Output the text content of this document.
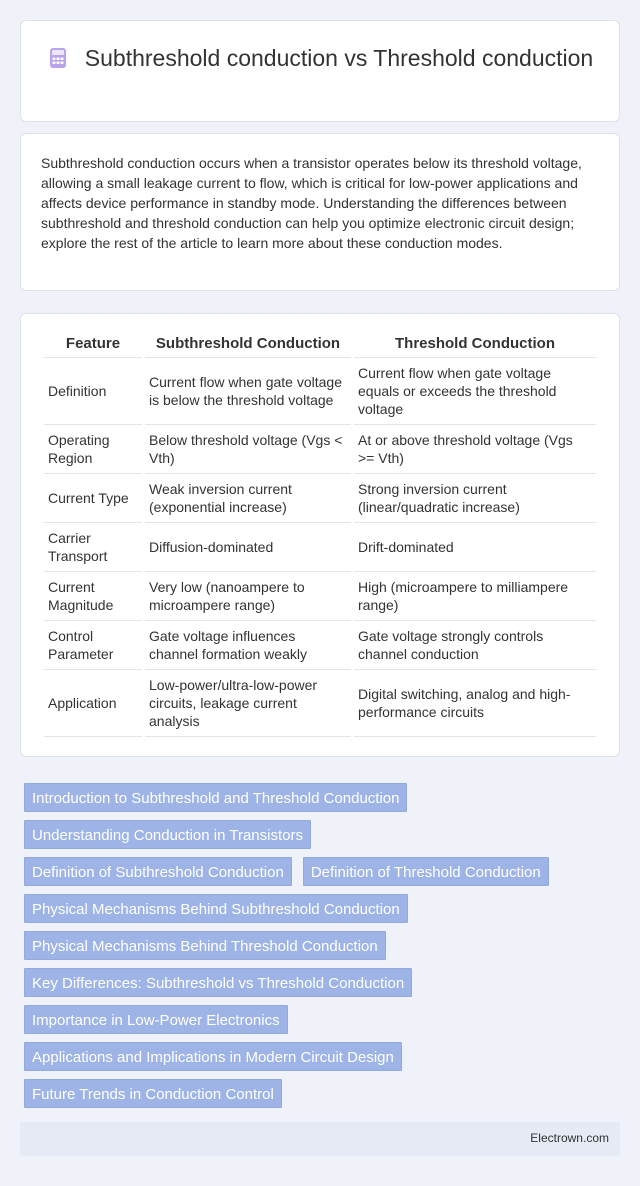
Subthreshold conduction vs Threshold conduction

Subthreshold conduction occurs when a transistor operates below its threshold voltage, allowing a small leakage current to flow, which is critical for low-power applications and affects device performance in standby mode. Understanding the differences between subthreshold and threshold conduction can help you optimize electronic circuit design; explore the rest of the article to learn more about these conduction modes.

Feature	Subthreshold Conduction	Threshold Conduction
Definition	Current flow when gate voltage is below the threshold voltage	Current flow when gate voltage equals or exceeds the threshold voltage
Operating Region	Below threshold voltage (Vgs < Vth)	At or above threshold voltage (Vgs >= Vth)
Current Type	Weak inversion current (exponential increase)	Strong inversion current (linear/quadratic increase)
Carrier Transport	Diffusion-dominated	Drift-dominated
Current Magnitude	Very low (nanoampere to microampere range)	High (microampere to milliampere range)
Control Parameter	Gate voltage influences channel formation weakly	Gate voltage strongly controls channel conduction
Application	Low-power/ultra-low-power circuits, leakage current analysis	Digital switching, analog and high-performance circuits
Introduction to Subthreshold and Threshold Conduction
Understanding Conduction in Transistors
Definition of Subthreshold Conduction Definition of Threshold Conduction
Physical Mechanisms Behind Subthreshold Conduction
Physical Mechanisms Behind Threshold Conduction
Key Differences: Subthreshold vs Threshold Conduction
Importance in Low-Power Electronics
Applications and Implications in Modern Circuit Design
Future Trends in Conduction Control
Electrown.com
